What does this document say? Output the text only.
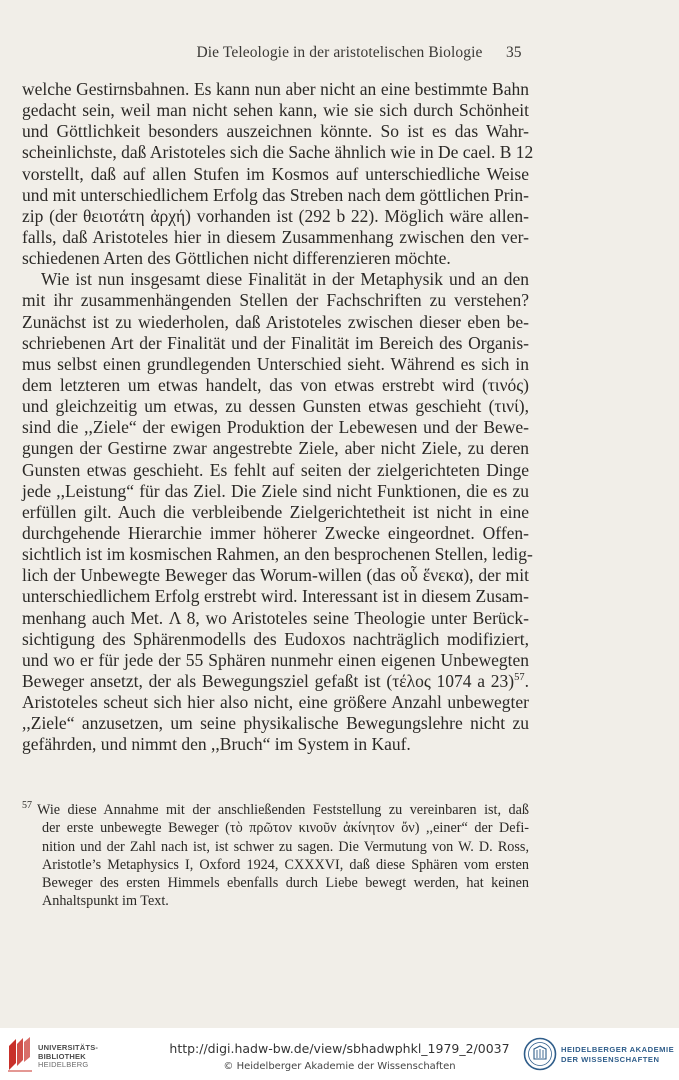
Die Teleologie in der aristotelischen Biologie	35
welche Gestirnsbahnen. Es kann nun aber nicht an eine bestimmte Bahn
gedacht sein, weil man nicht sehen kann, wie sie sich durch Schönheit
und Göttlichkeit besonders auszeichnen könnte. So ist es das Wahr-
scheinlichste, daß Aristoteles sich die Sache ähnlich wie in De cael. B 12
vorstellt, daß auf allen Stufen im Kosmos auf unterschiedliche Weise
und mit unterschiedlichem Erfolg das Streben nach dem göttlichen Prin-
zip (der θειοτάτη ἀρχή) vorhanden ist (292 b 22). Möglich wäre allen-
falls, daß Aristoteles hier in diesem Zusammenhang zwischen den ver-
schiedenen Arten des Göttlichen nicht differenzieren möchte.
Wie ist nun insgesamt diese Finalität in der Metaphysik und an den
mit ihr zusammenhängenden Stellen der Fachschriften zu verstehen?
Zunächst ist zu wiederholen, daß Aristoteles zwischen dieser eben be-
schriebenen Art der Finalität und der Finalität im Bereich des Organis-
mus selbst einen grundlegenden Unterschied sieht. Während es sich in
dem letzteren um etwas handelt, das von etwas erstrebt wird (τινός)
und gleichzeitig um etwas, zu dessen Gunsten etwas geschieht (τινί),
sind die ,,Ziele“ der ewigen Produktion der Lebewesen und der Bewe-
gungen der Gestirne zwar angestrebte Ziele, aber nicht Ziele, zu deren
Gunsten etwas geschieht. Es fehlt auf seiten der zielgerichteten Dinge
jede ,,Leistung“ für das Ziel. Die Ziele sind nicht Funktionen, die es zu
erfüllen gilt. Auch die verbleibende Zielgerichtetheit ist nicht in eine
durchgehende Hierarchie immer höherer Zwecke eingeordnet. Offen-
sichtlich ist im kosmischen Rahmen, an den besprochenen Stellen, ledig-
lich der Unbewegte Beweger das Worum-willen (das οὗ ἕνεκα), der mit
unterschiedlichem Erfolg erstrebt wird. Interessant ist in diesem Zusam-
menhang auch Met. Λ 8, wo Aristoteles seine Theologie unter Berück-
sichtigung des Sphärenmodells des Eudoxos nachträglich modifiziert,
und wo er für jede der 55 Sphären nunmehr einen eigenen Unbewegten
Beweger ansetzt, der als Bewegungsziel gefaßt ist (τέλος 1074 a 23)$^{57}$.
Aristoteles scheut sich hier also nicht, eine größere Anzahl unbewegter
,,Ziele“ anzusetzen, um seine physikalische Bewegungslehre nicht zu
gefährden, und nimmt den ,,Bruch“ im System in Kauf.
$^{57}$ Wie diese Annahme mit der anschließenden Feststellung zu vereinbaren ist, daß
der erste unbewegte Beweger (τὸ πρῶτον κινοῦν ἀκίνητον ὄν) ,,einer“ der Defi-
nition und der Zahl nach ist, ist schwer zu sagen. Die Vermutung von W. D. Ross,
Aristotle’s Metaphysics I, Oxford 1924, CXXXVI, daß diese Sphären vom ersten
Beweger des ersten Himmels ebenfalls durch Liebe bewegt werden, hat keinen
Anhaltspunkt im Text.
UNIVERSITÄTS-
BIBLIOTHEK
HEIDELBERG
http://digi.hadw-bw.de/view/sbhadwphkl_1979_2/0037
© Heidelberger Akademie der Wissenschaften
HEIDELBERGER AKADEMIE
DER WISSENSCHAFTEN
